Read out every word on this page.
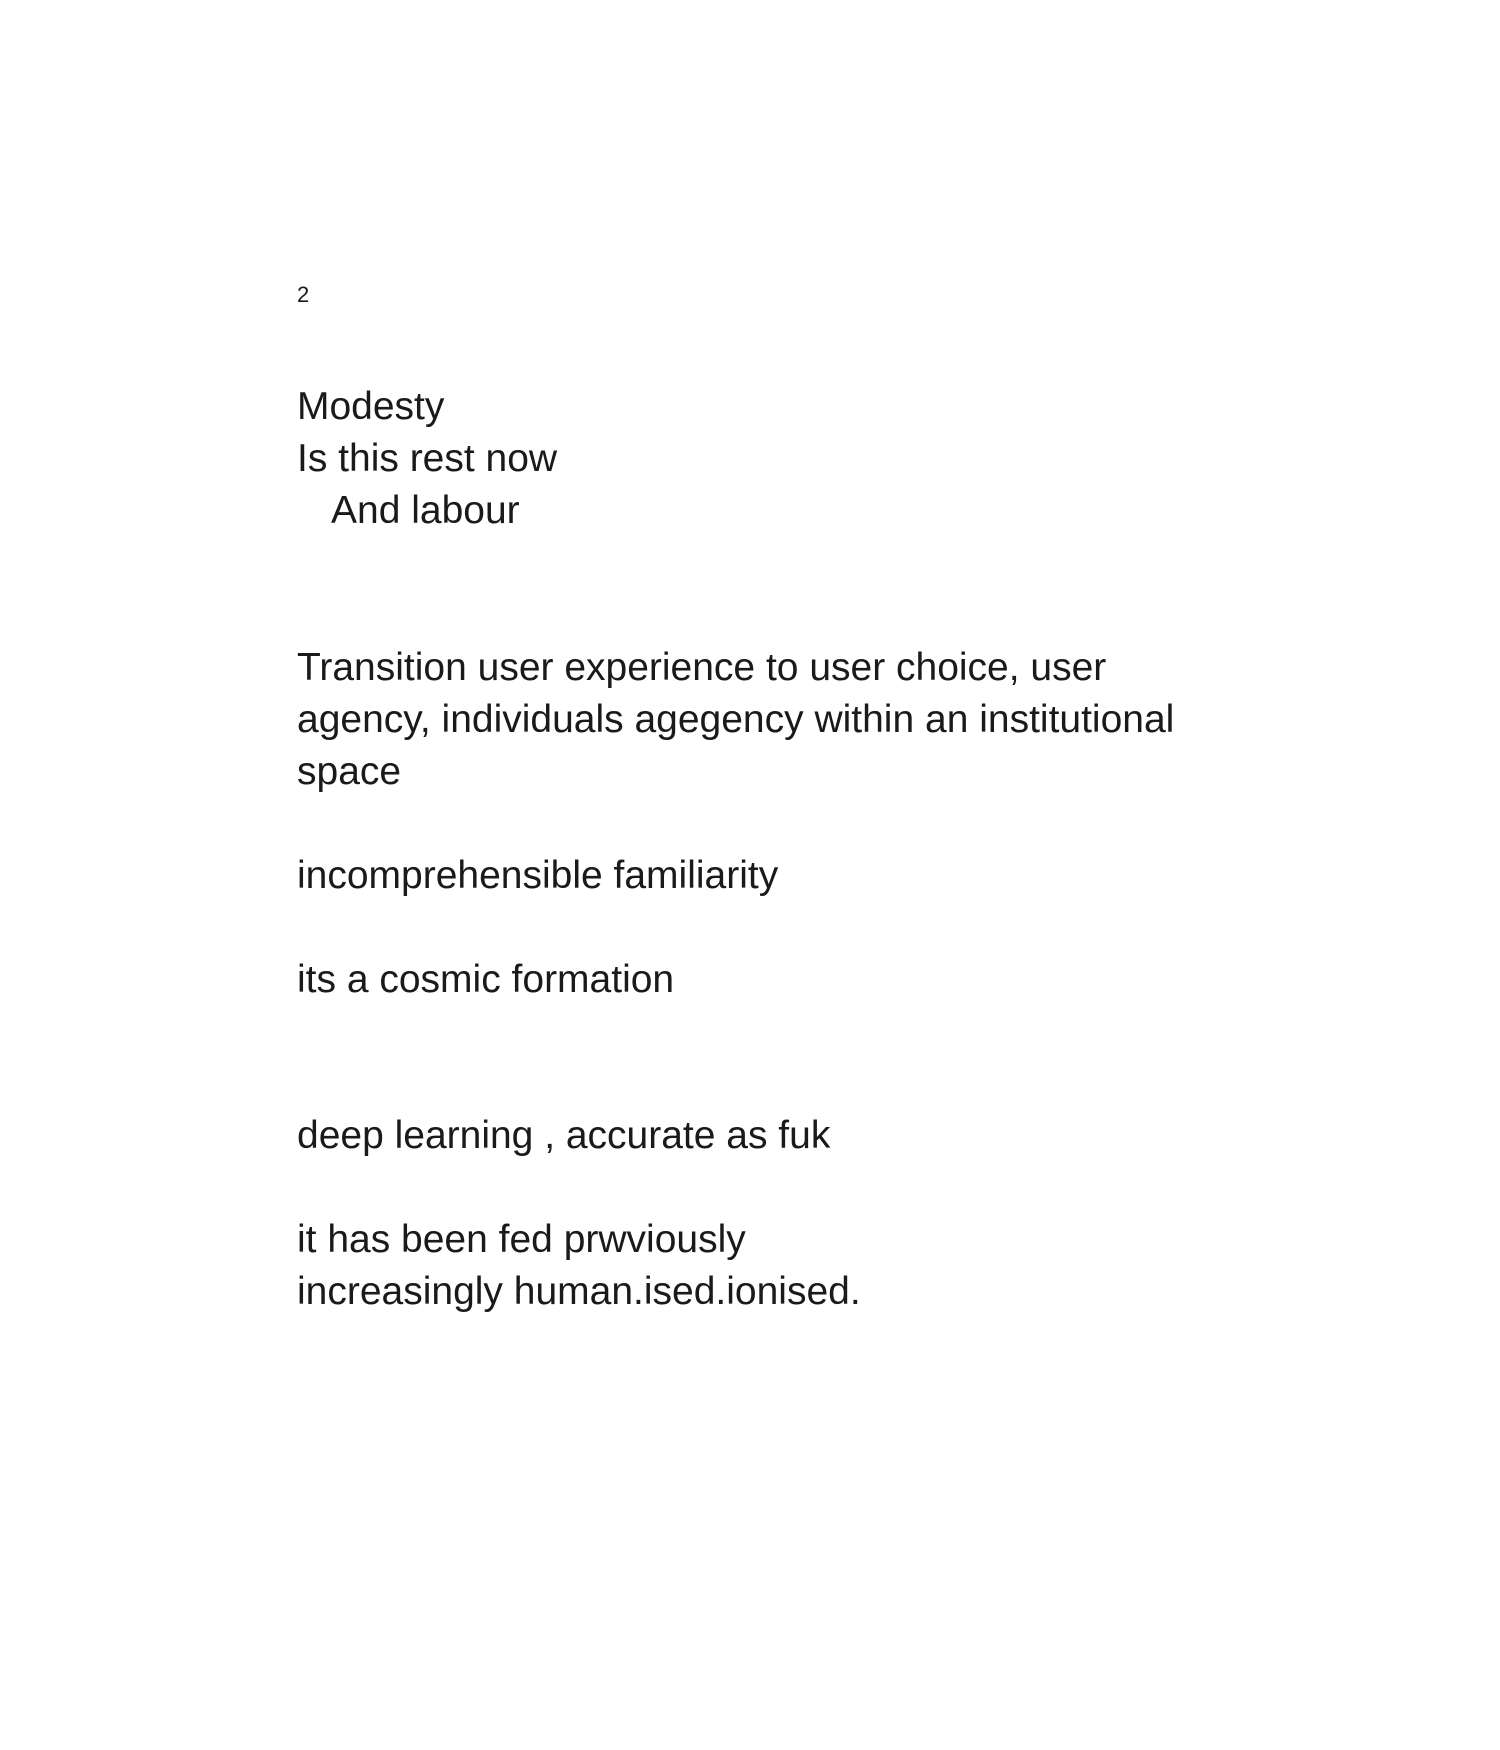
2
Modesty
Is this rest now
And labour
Transition user experience to user choice, user
agency, individuals agegency within an institutional
space
incomprehensible familiarity
its a cosmic formation
deep learning , accurate as fuk
it has been fed prwviously
increasingly human.ised.ionised.
